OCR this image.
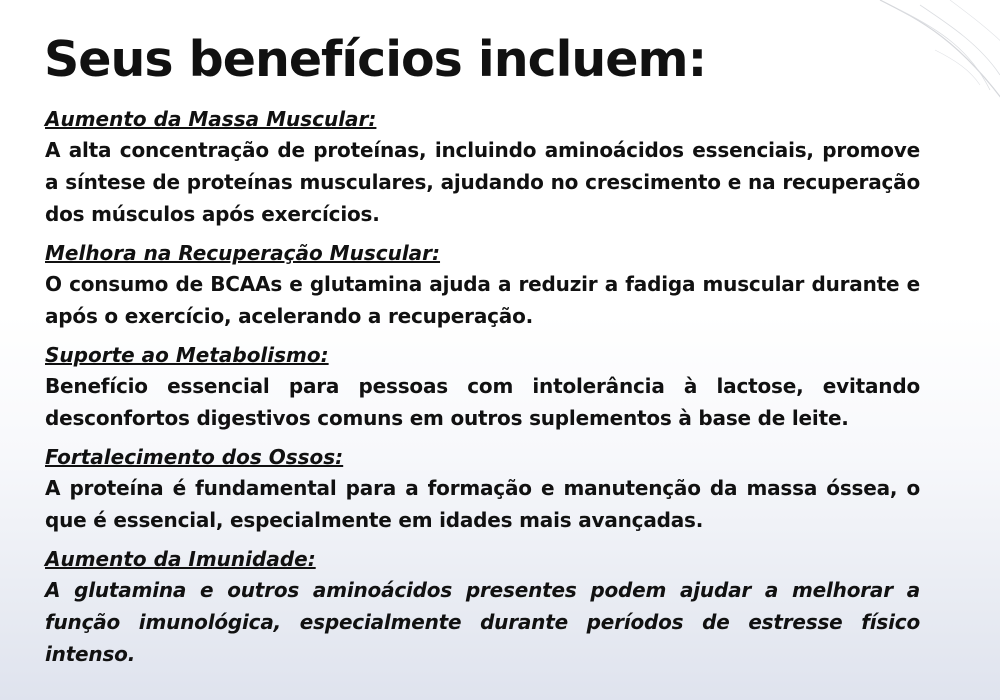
Seus benefícios incluem:
Aumento da Massa Muscular:
A alta concentração de proteínas, incluindo aminoácidos essenciais, promove a síntese de proteínas musculares, ajudando no crescimento e na recuperação dos músculos após exercícios.
Melhora na Recuperação Muscular:
O consumo de BCAAs e glutamina ajuda a reduzir a fadiga muscular durante e após o exercício, acelerando a recuperação.
Suporte ao Metabolismo:
Benefício essencial para pessoas com intolerância à lactose, evitando desconfortos digestivos comuns em outros suplementos à base de leite.
Fortalecimento dos Ossos:
A proteína é fundamental para a formação e manutenção da massa óssea, o que é essencial, especialmente em idades mais avançadas.
Aumento da Imunidade:
A glutamina e outros aminoácidos presentes podem ajudar a melhorar a função imunológica, especialmente durante períodos de estresse físico intenso.
